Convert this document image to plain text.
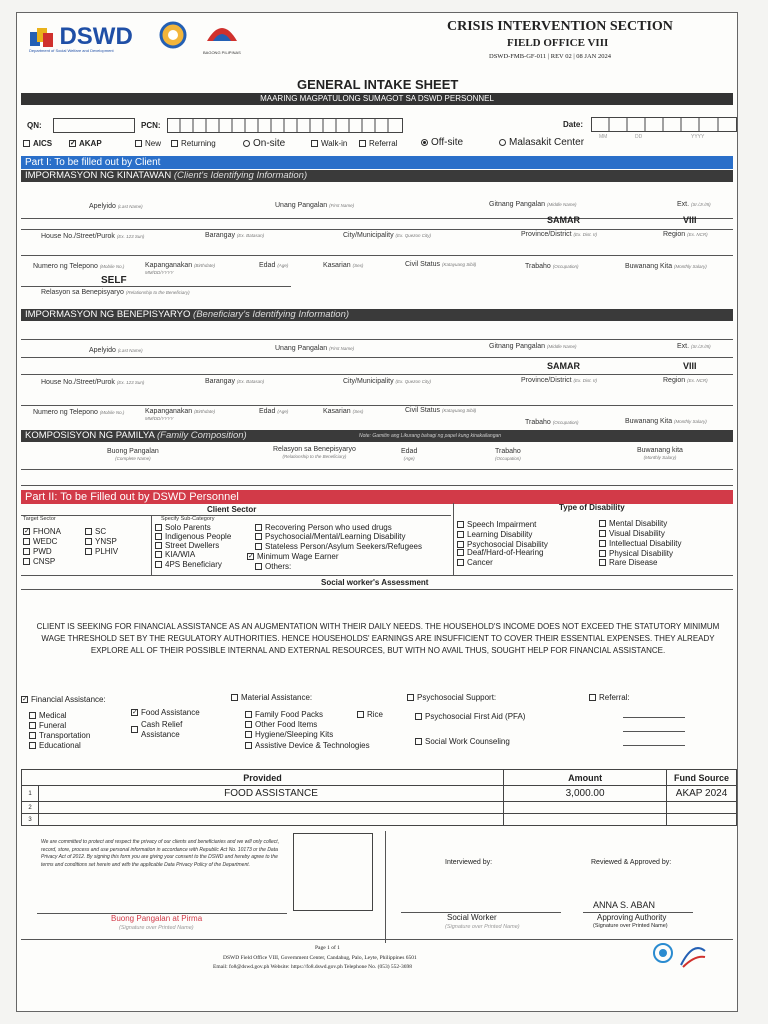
DSWD
Department of Social Welfare and Development	BAGONG PILIPINAS
CRISIS INTERVENTION SECTION
FIELD OFFICE VIII
DSWD-FMB-GF-011 | REV 02 | 08 JAN 2024
GENERAL INTAKE SHEET
MAARING MAGPATULONG SUMAGOT SA DSWD PERSONNEL
QN:	PCN:	Date:
MM	DD	YYYY
AICS ✓	AKAP	New	Returning	On-site	Walk-in	Referral	Off-site	Malasakit Center
Part I: To be filled out by Client
IMPORMASYON NG KINATAWAN (Client's Identifying Information)
Apelyido (Last Name)	Unang Pangalan (First Name)	Gitnang Pangalan (Middle Name)	Ext. (Sr./Jr./III)
SAMAR	VIII
House No./Street/Purok (Ex. 123 Sun)	Barangay (Ex. Batasan)	City/Municipality (Ex. Quezon City)	Province/District (Ex. Dist. II)	Region (Ex. NCR)
Numero ng Telepono (Mobile No.)	Kapanganakan (Birthdate)
MM/DD/YYYY
Edad (Age)	Kasarian (Sex)	Civil Status (Katayuang Sibil)	Trabaho (Occupation)	Buwanang Kita (Monthly Salary)
SELF
Relasyon sa Benepisyaryo (Relationship to the Beneficiary)
IMPORMASYON NG BENEPISYARYO (Beneficiary's Identifying Information)
Apelyido (Last Name)	Unang Pangalan (First Name)	Gitnang Pangalan (Middle Name)	Ext. (Sr./Jr./III)
SAMAR	VIII
House No./Street/Purok (Ex. 123 Sun)	Barangay (Ex. Batasan)	City/Municipality (Ex. Quezon City)	Province/District (Ex. Dist. II)	Region (Ex. NCR)
Numero ng Telepono (Mobile No.)	Kapanganakan (Birthdate)
MM/DD/YYYY
Edad (Age)	Kasarian (Sex)	Civil Status (Katayuang Sibil)
Trabaho (Occupation)	Buwanang Kita (Monthly Salary)
KOMPOSISYON NG PAMILYA (Family Composition)	Note: Gamitin ang Likurang bahagi ng papel kung kinakailangan
Buong Pangalan
(Complete Name)
Relasyon sa Benepisyaryo
(Relationship to the Beneficiary)
Edad
(Age)
Trabaho
(Occupation)
Buwanang kita
(Monthly Salary)
Part II: To be Filled out by DSWD Personnel
Client Sector	Type of Disability
Target Sector	Specify Sub-Category
✓FHONA
WEDC
PWD
CNSP
SC
YNSP
PLHIV
Solo Parents
Indigenous People
Street Dwellers
KIA/WIA
4PS Beneficiary
Recovering Person who used drugs
Psychosocial/Mental/Learning Disability
Stateless Person/Asylum Seekers/Refugees
✓Minimum Wage Earner
Others:
Speech Impairment
Learning Disability
Psychosocial Disability
Deaf/Hard-of-Hearing
Cancer
Mental Disability
Visual Disability
Intellectual Disability
Physical Disability
Rare Disease
Social worker's Assessment
CLIENT IS SEEKING FOR FINANCIAL ASSISTANCE AS AN AUGMENTATION WITH THEIR DAILY NEEDS. THE HOUSEHOLD'S INCOME DOES NOT EXCEED THE STATUTORY MINIMUM WAGE THRESHOLD SET BY THE REGULATORY AUTHORITIES. HENCE HOUSEHOLDS' EARNINGS ARE INSUFFICIENT TO COVER THEIR ESSENTIAL EXPENSES. THEY ALREADY EXPLORE ALL OF THEIR POSSIBLE INTERNAL AND EXTERNAL RESOURCES, BUT WITH NO AVAIL THUS, SOUGHT HELP FOR FINANCIAL ASSISTANCE.
✓Financial Assistance:	Material Assistance:	Psychosocial Support:	Referral:
Medical
Funeral
Transportation
Educational
✓Food Assistance
Cash Relief
Assistance
Family Food Packs	Rice
Other Food Items
Hygiene/Sleeping Kits
Assistive Device & Technologies
Psychosocial First Aid (PFA)
Social Work Counseling
Provided		Amount	Fund Source
1	FOOD ASSISTANCE	3,000.00	AKAP 2024
2			
3			
We are committed to protect and respect the privacy of our clients and beneficiaries and we will only collect, record, store, process and use personal information in accordance with Republic Act No. 10173 or the Data Privacy Act of 2012. By signing this form you are giving your consent to the DSWD and hereby agree to the terms and conditions set herein and with the applicable Data Privacy Policy of the Department.
Buong Pangalan at Pirma
(Signature over Printed Name)
Interviewed by:	Reviewed & Approved by:
ANNA S. ABAN
Social Worker
(Signature over Printed Name)
Approving Authority
(Signature over Printed Name)
Page 1 of 1
DSWD Field Office VIII, Government Center, Candahug, Palo, Leyte, Philippines 6501
Email: fo8@dswd.gov.ph Website: https://fo8.dswd.gov.ph Telephone No. (053) 552-3698
